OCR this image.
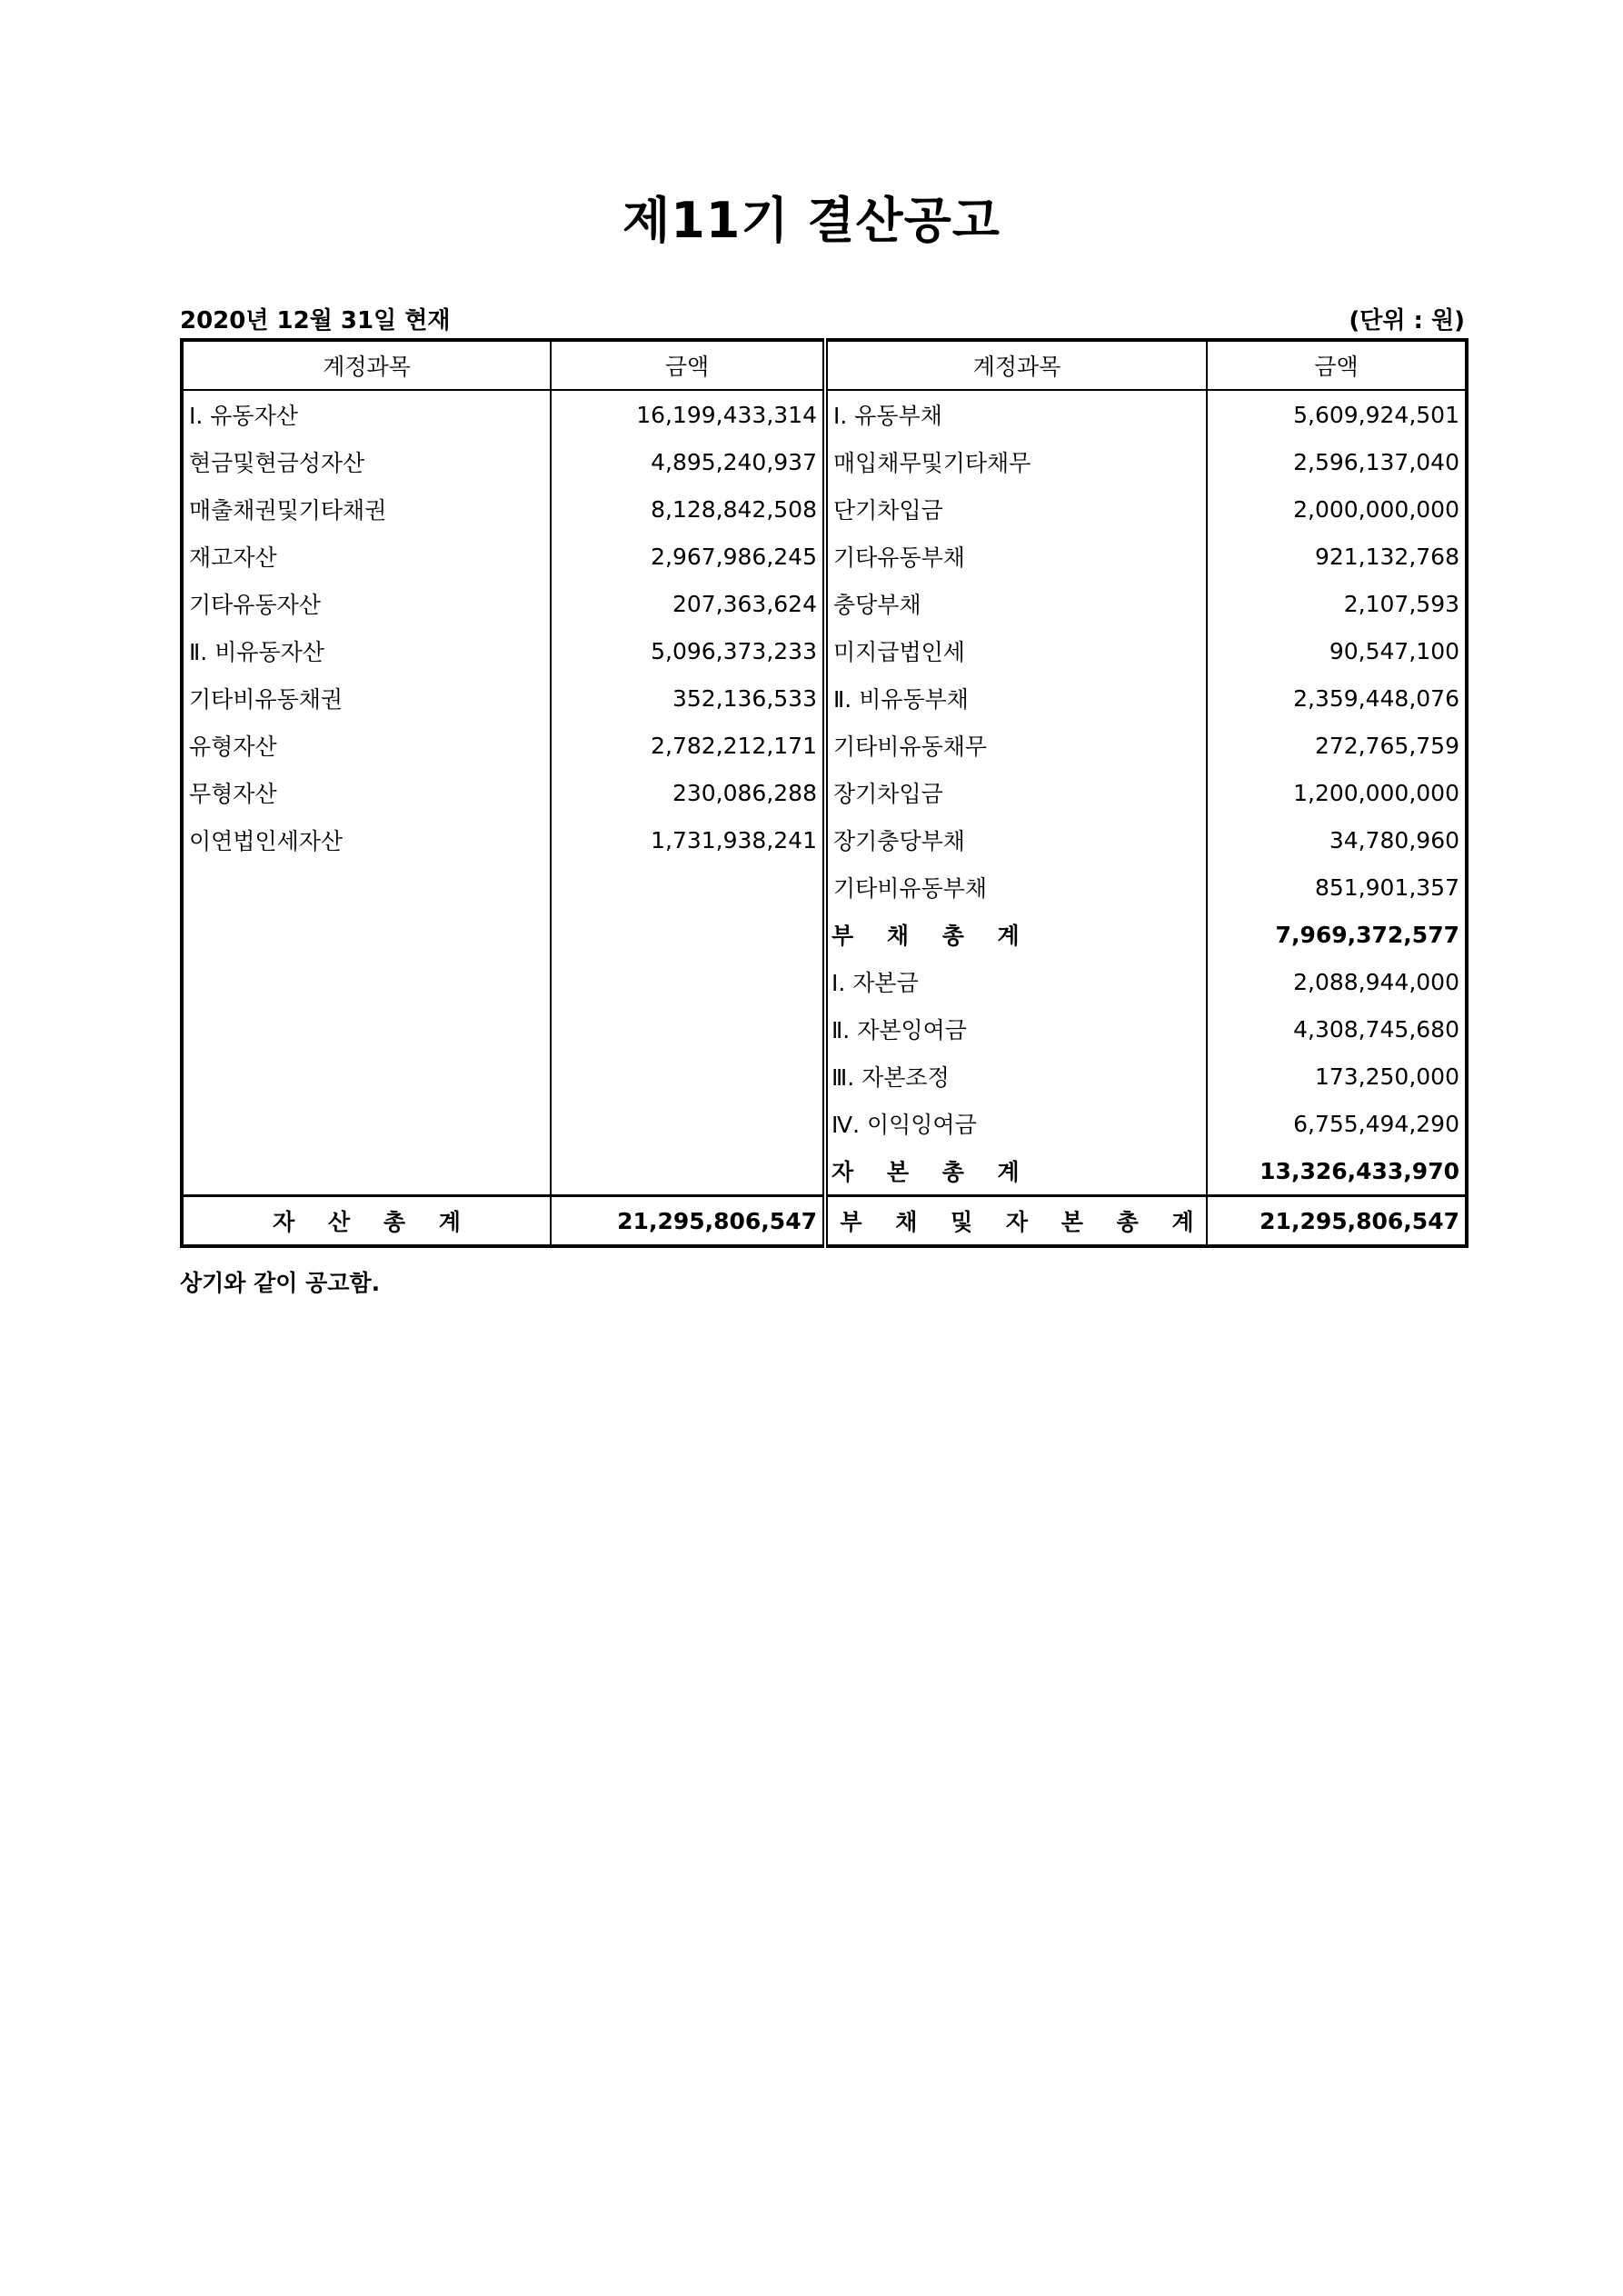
제11기 결산공고
2020년 12월 31일 현재	(단위 : 원)
계정과목	금액	계정과목	금액
Ⅰ. 유동자산	16,199,433,314	Ⅰ. 유동부채	5,609,924,501
현금및현금성자산	4,895,240,937	매입채무및기타채무	2,596,137,040
매출채권및기타채권	8,128,842,508	단기차입금	2,000,000,000
재고자산	2,967,986,245	기타유동부채	921,132,768
기타유동자산	207,363,624	충당부채	2,107,593
Ⅱ. 비유동자산	5,096,373,233	미지급법인세	90,547,100
기타비유동채권	352,136,533	Ⅱ. 비유동부채	2,359,448,076
유형자산	2,782,212,171	기타비유동채무	272,765,759
무형자산	230,086,288	장기차입금	1,200,000,000
이연법인세자산	1,731,938,241	장기충당부채	34,780,960
		기타비유동부채	851,901,357
		부 채 총 계	7,969,372,577
		Ⅰ. 자본금	2,088,944,000
		Ⅱ. 자본잉여금	4,308,745,680
		Ⅲ. 자본조정	173,250,000
		Ⅳ. 이익잉여금	6,755,494,290
		자 본 총 계	13,326,433,970
자 산 총 계	21,295,806,547	부 채 및 자 본 총 계	21,295,806,547
상기와 같이 공고함.
